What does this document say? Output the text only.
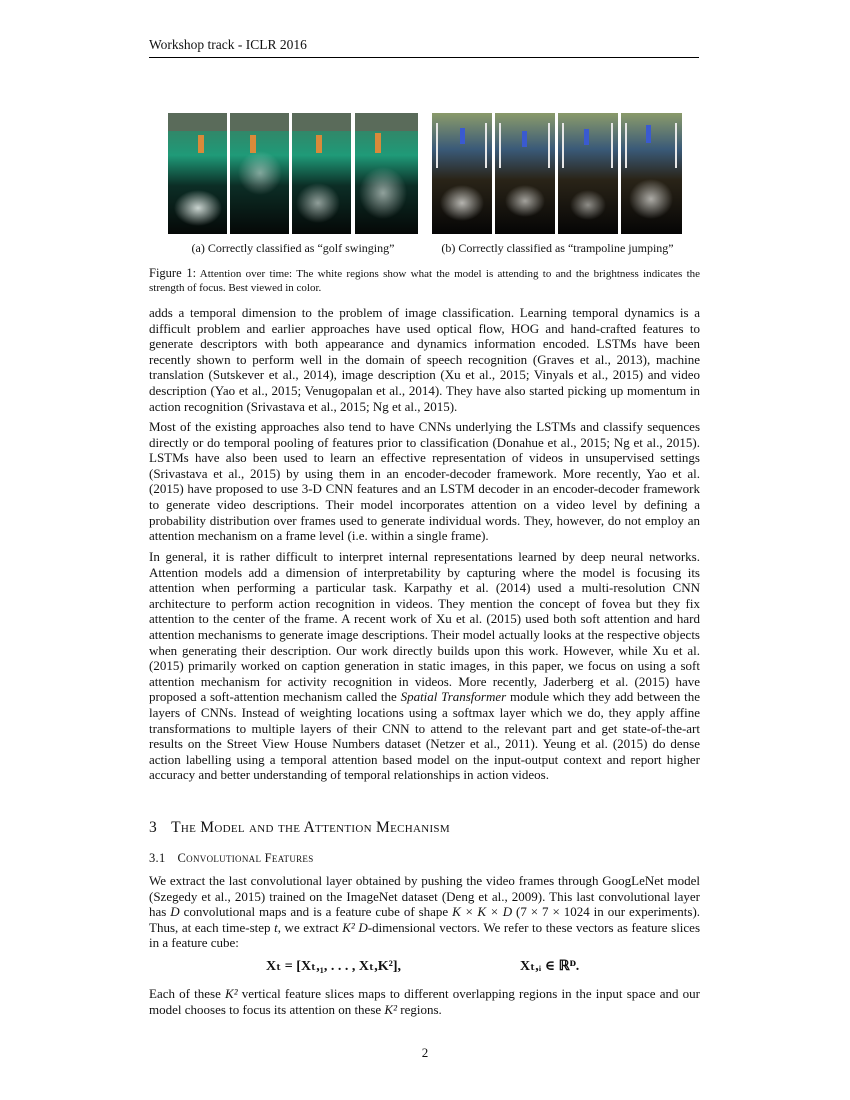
Workshop track - ICLR 2016
(a) Correctly classified as “golf swinging”	(b) Correctly classified as “trampoline jumping”
Figure 1: Attention over time: The white regions show what the model is attending to and the brightness indicates the strength of focus. Best viewed in color.

adds a temporal dimension to the problem of image classification. Learning temporal dynamics is a difficult problem and earlier approaches have used optical flow, HOG and hand-crafted features to generate descriptors with both appearance and dynamics information encoded. LSTMs have been recently shown to perform well in the domain of speech recognition (Graves et al., 2013), machine translation (Sutskever et al., 2014), image description (Xu et al., 2015; Vinyals et al., 2015) and video description (Yao et al., 2015; Venugopalan et al., 2014). They have also started picking up momentum in action recognition (Srivastava et al., 2015; Ng et al., 2015).

Most of the existing approaches also tend to have CNNs underlying the LSTMs and classify sequences directly or do temporal pooling of features prior to classification (Donahue et al., 2015; Ng et al., 2015). LSTMs have also been used to learn an effective representation of videos in unsupervised settings (Srivastava et al., 2015) by using them in an encoder-decoder framework. More recently, Yao et al. (2015) have proposed to use 3-D CNN features and an LSTM decoder in an encoder-decoder framework to generate video descriptions. Their model incorporates attention on a video level by defining a probability distribution over frames used to generate individual words. They, however, do not employ an attention mechanism on a frame level (i.e. within a single frame).

In general, it is rather difficult to interpret internal representations learned by deep neural networks. Attention models add a dimension of interpretability by capturing where the model is focusing its attention when performing a particular task. Karpathy et al. (2014) used a multi-resolution CNN architecture to perform action recognition in videos. They mention the concept of fovea but they fix attention to the center of the frame. A recent work of Xu et al. (2015) used both soft attention and hard attention mechanisms to generate image descriptions. Their model actually looks at the respective objects when generating their description. Our work directly builds upon this work. However, while Xu et al. (2015) primarily worked on caption generation in static images, in this paper, we focus on using a soft attention mechanism for activity recognition in videos. More recently, Jaderberg et al. (2015) have proposed a soft-attention mechanism called the Spatial Transformer module which they add between the layers of CNNs. Instead of weighting locations using a softmax layer which we do, they apply affine transformations to multiple layers of their CNN to attend to the relevant part and get state-of-the-art results on the Street View House Numbers dataset (Netzer et al., 2011). Yeung et al. (2015) do dense action labelling using a temporal attention based model on the input-output context and report higher accuracy and better understanding of temporal relationships in action videos.

3 The Model and the Attention Mechanism
3.1 Convolutional Features

We extract the last convolutional layer obtained by pushing the video frames through GoogLeNet model (Szegedy et al., 2015) trained on the ImageNet dataset (Deng et al., 2009). This last convolutional layer has D convolutional maps and is a feature cube of shape K × K × D (7 × 7 × 1024 in our experiments). Thus, at each time-step t, we extract K² D-dimensional vectors. We refer to these vectors as feature slices in a feature cube:

Xₜ = [Xₜ,₁, . . . , Xₜ,K²],	Xₜ,ᵢ ∈ ℝᴰ.

Each of these K² vertical feature slices maps to different overlapping regions in the input space and our model chooses to focus its attention on these K² regions.

2
